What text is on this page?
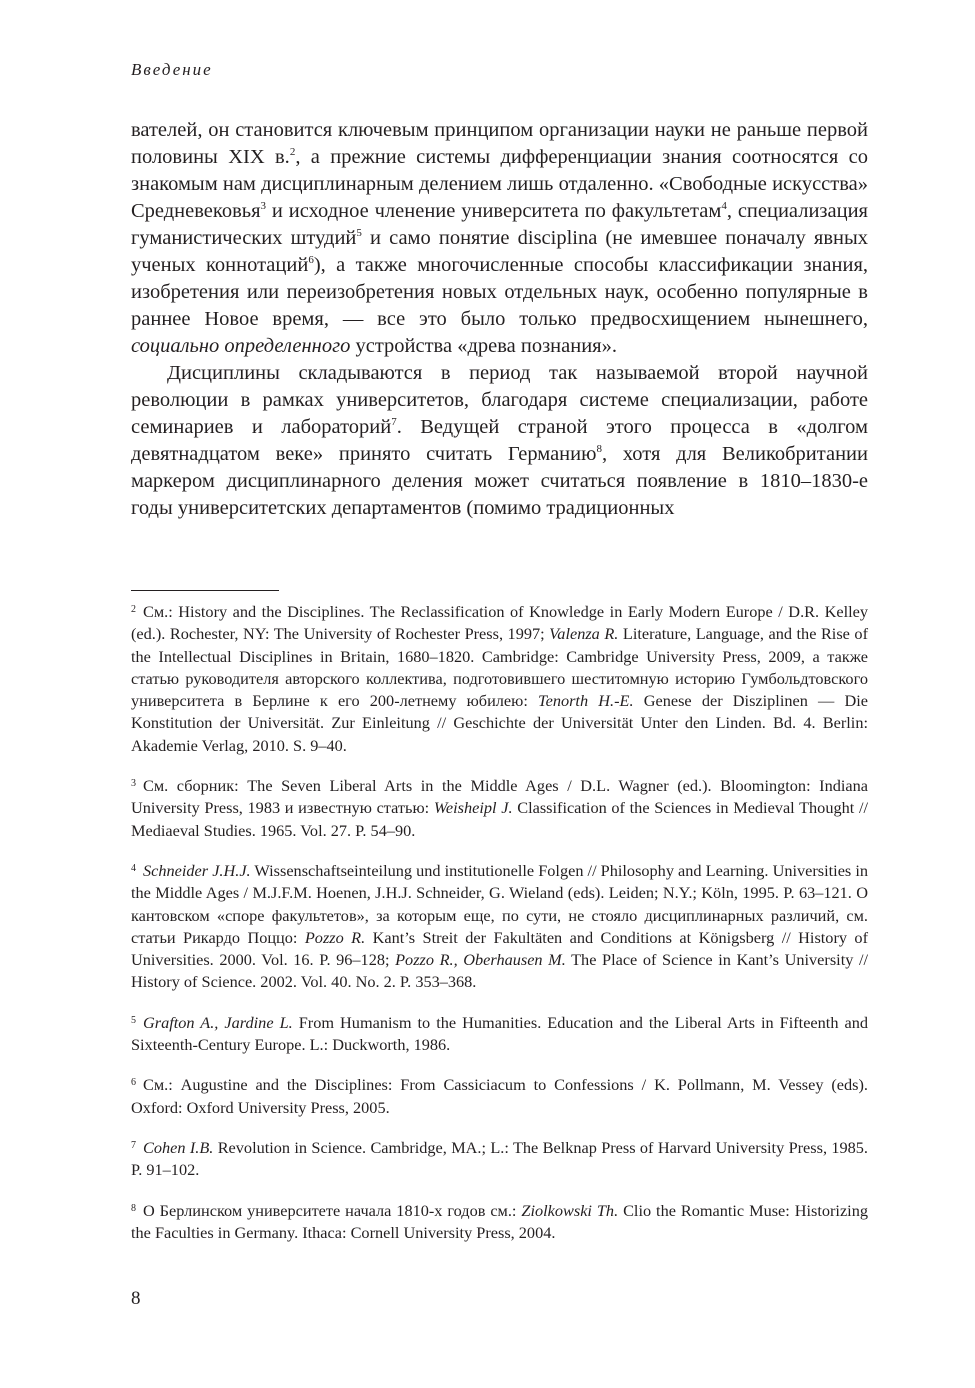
Введение

вателей, он становится ключевым принципом организации науки не раньше первой половины XIX в.$^2$, а прежние системы дифференциации знания соотносятся со знакомым нам дисциплинарным делением лишь отдаленно. «Свободные искусства» Средневековья$^3$ и исходное членение университета по факультетам$^4$, специализация гуманистических штудий$^5$ и само понятие disciplina (не имевшее поначалу явных ученых коннотаций$^6$), а также многочисленные способы классификации знания, изобретения или переизобретения новых отдельных наук, особенно популярные в раннее Новое время, — все это было только предвосхищением нынешнего, социально определенного устройства «древа познания».

Дисциплины складываются в период так называемой второй научной революции в рамках университетов, благодаря системе специализации, работе семинариев и лабораторий$^7$. Ведущей страной этого процесса в «долгом девятнадцатом веке» принято считать Германию$^8$, хотя для Великобритании маркером дисциплинарного деления может считаться появление в 1810–1830-е годы университетских департаментов (помимо традиционных

$^2$ См.: History and the Disciplines. The Reclassification of Knowledge in Early Modern Europe / D.R. Kelley (ed.). Rochester, NY: The University of Rochester Press, 1997; Valenza R. Literature, Language, and the Rise of the Intellectual Disciplines in Britain, 1680–1820. Cambridge: Cambridge University Press, 2009, а также статью руководителя авторского коллектива, подготовившего шеститомную историю Гумбольдтовского университета в Берлине к его 200-летнему юбилею: Tenorth H.-E. Genese der Disziplinen — Die Konstitution der Universität. Zur Einleitung // Geschichte der Universität Unter den Linden. Bd. 4. Berlin: Akademie Verlag, 2010. S. 9–40.

$^3$ См. сборник: The Seven Liberal Arts in the Middle Ages / D.L. Wagner (ed.). Bloomington: Indiana University Press, 1983 и известную статью: Weisheipl J. Classification of the Sciences in Medieval Thought // Mediaeval Studies. 1965. Vol. 27. P. 54–90.

$^4$ Schneider J.H.J. Wissenschaftseinteilung und institutionelle Folgen // Philosophy and Learning. Universities in the Middle Ages / M.J.F.M. Hoenen, J.H.J. Schneider, G. Wieland (eds). Leiden; N.Y.; Köln, 1995. P. 63–121. О кантовском «споре факультетов», за которым еще, по сути, не стояло дисциплинарных различий, см. статьи Рикардо Поццо: Pozzo R. Kant’s Streit der Fakultäten and Conditions at Königsberg // History of Universities. 2000. Vol. 16. P. 96–128; Pozzo R., Oberhausen M. The Place of Science in Kant’s University // History of Science. 2002. Vol. 40. No. 2. P. 353–368.

$^5$ Grafton A., Jardine L. From Humanism to the Humanities. Education and the Liberal Arts in Fifteenth and Sixteenth-Century Europe. L.: Duckworth, 1986.

$^6$ См.: Augustine and the Disciplines: From Cassiciacum to Confessions / K. Pollmann, M. Vessey (eds). Oxford: Oxford University Press, 2005.

$^7$ Cohen I.B. Revolution in Science. Cambridge, MA.; L.: The Belknap Press of Harvard University Press, 1985. P. 91–102.

$^8$ О Берлинском университете начала 1810-х годов см.: Ziolkowski Th. Clio the Romantic Muse: Historizing the Faculties in Germany. Ithaca: Cornell University Press, 2004.

8
